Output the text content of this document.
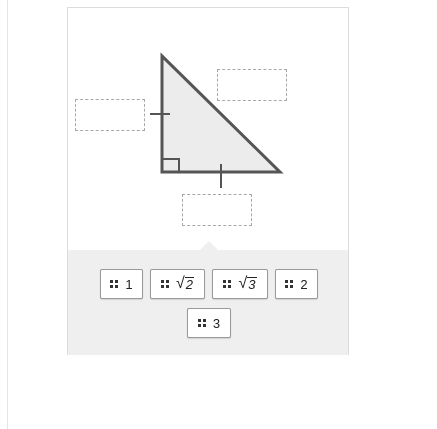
1	√ 2	√ 3	2
3
